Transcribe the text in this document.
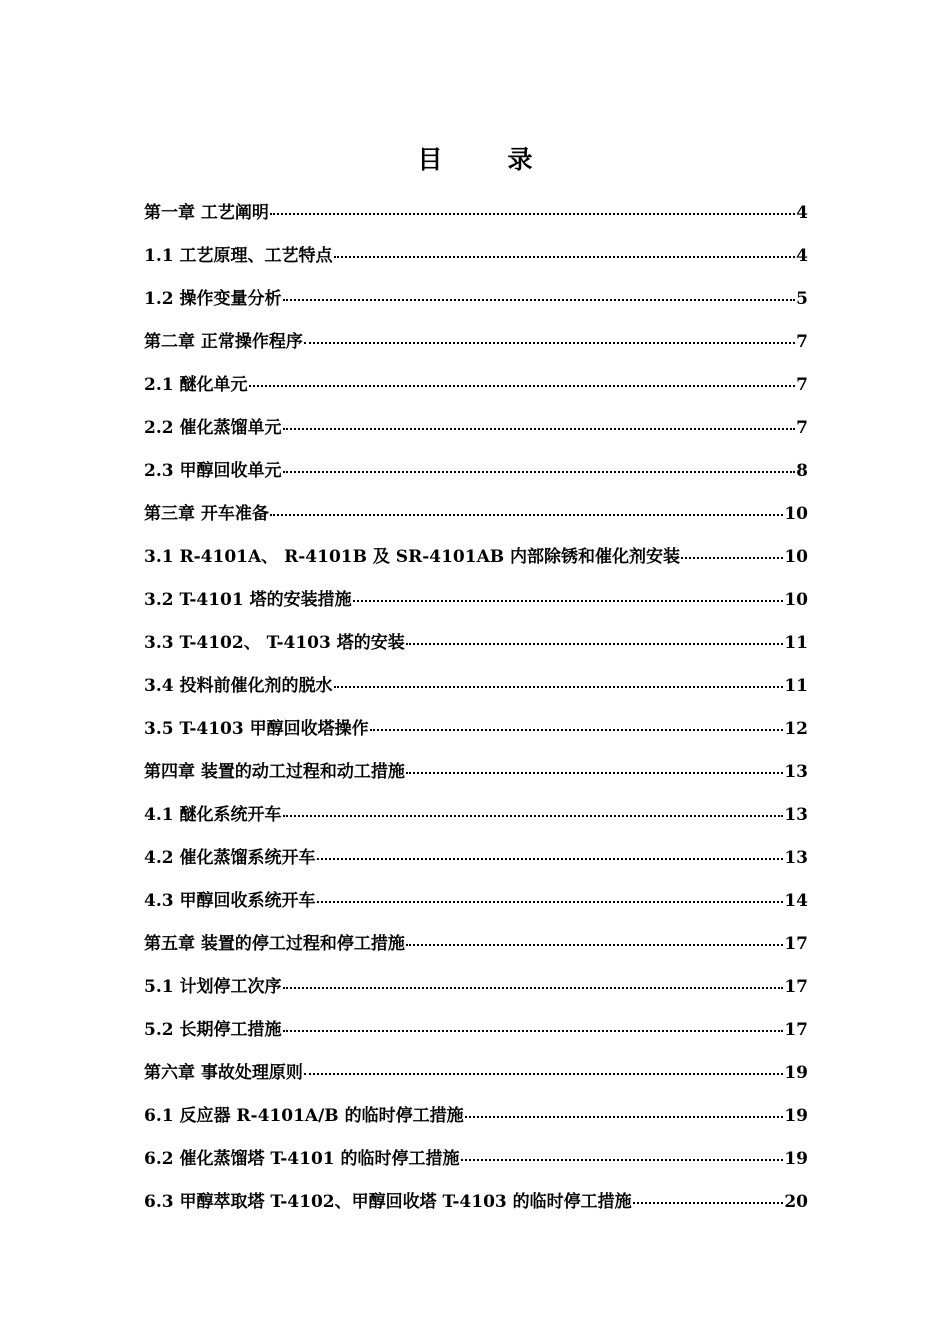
目　录
第一章 工艺阐明	4
1.1 工艺原理、工艺特点	4
1.2 操作变量分析	5
第二章 正常操作程序	7
2.1 醚化单元	7
2.2 催化蒸馏单元	7
2.3 甲醇回收单元	8
第三章 开车准备	10
3.1 R-4101A、 R-4101B 及 SR-4101AB 内部除锈和催化剂安装	10
3.2 T-4101 塔的安装措施	10
3.3 T-4102、 T-4103 塔的安装	11
3.4 投料前催化剂的脱水	11
3.5 T-4103 甲醇回收塔操作	12
第四章 装置的动工过程和动工措施	13
4.1 醚化系统开车	13
4.2 催化蒸馏系统开车	13
4.3 甲醇回收系统开车	14
第五章 装置的停工过程和停工措施	17
5.1 计划停工次序	17
5.2 长期停工措施	17
第六章 事故处理原则	19
6.1 反应器 R-4101A/B 的临时停工措施	19
6.2 催化蒸馏塔 T-4101 的临时停工措施	19
6.3 甲醇萃取塔 T-4102、甲醇回收塔 T-4103 的临时停工措施	20
